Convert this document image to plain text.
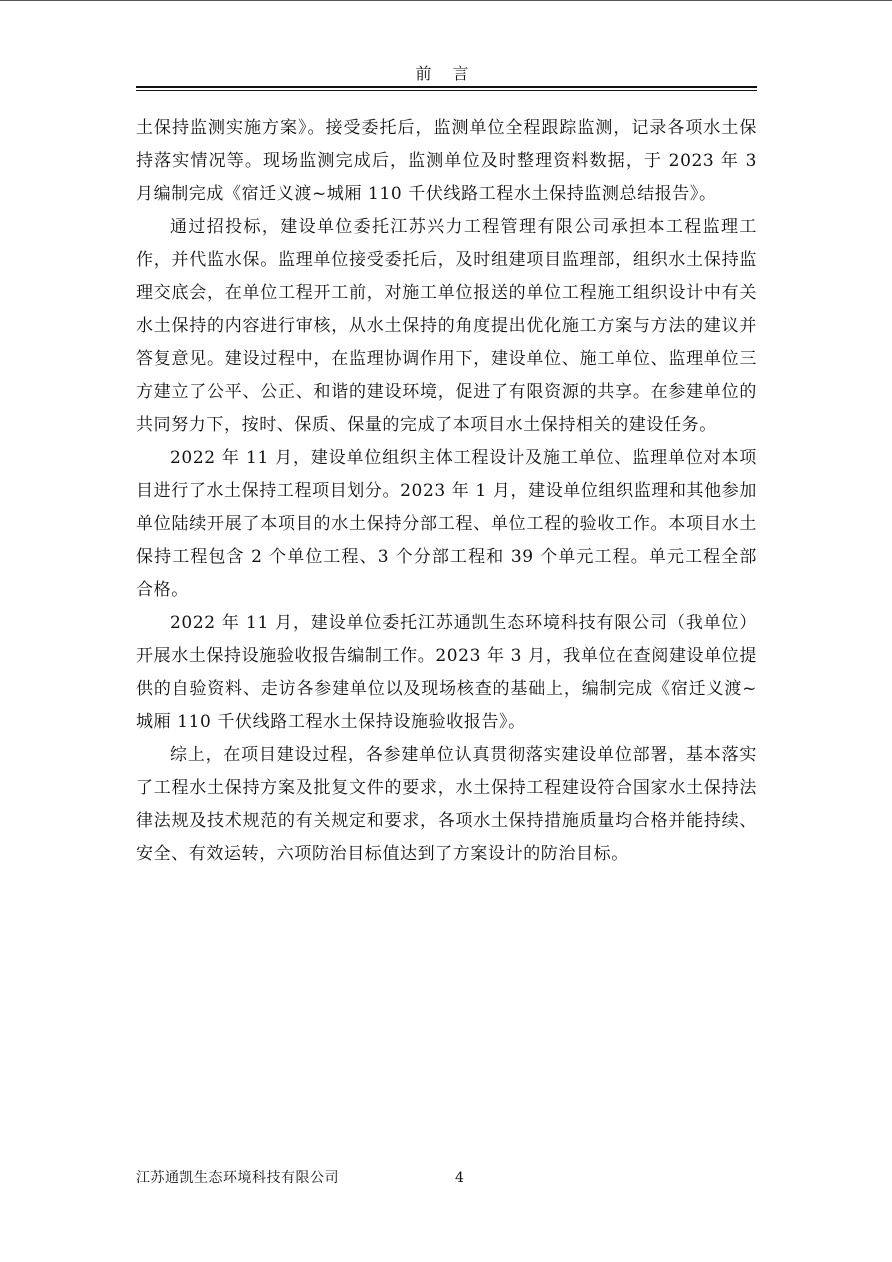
前 言

土保持监测实施方案》。接受委托后，监测单位全程跟踪监测，记录各项水土保持落实情况等。现场监测完成后，监测单位及时整理资料数据，于 2023 年 3 月编制完成《宿迁义渡~城厢 110 千伏线路工程水土保持监测总结报告》。

通过招投标，建设单位委托江苏兴力工程管理有限公司承担本工程监理工作，并代监水保。监理单位接受委托后，及时组建项目监理部，组织水土保持监理交底会，在单位工程开工前，对施工单位报送的单位工程施工组织设计中有关水土保持的内容进行审核，从水土保持的角度提出优化施工方案与方法的建议并答复意见。建设过程中，在监理协调作用下，建设单位、施工单位、监理单位三方建立了公平、公正、和谐的建设环境，促进了有限资源的共享。在参建单位的共同努力下，按时、保质、保量的完成了本项目水土保持相关的建设任务。

2022 年 11 月，建设单位组织主体工程设计及施工单位、监理单位对本项目进行了水土保持工程项目划分。2023 年 1 月，建设单位组织监理和其他参加单位陆续开展了本项目的水土保持分部工程、单位工程的验收工作。本项目水土保持工程包含 2 个单位工程、3 个分部工程和 39 个单元工程。单元工程全部合格。

2022 年 11 月，建设单位委托江苏通凯生态环境科技有限公司（我单位）开展水土保持设施验收报告编制工作。2023 年 3 月，我单位在查阅建设单位提供的自验资料、走访各参建单位以及现场核查的基础上，编制完成《宿迁义渡~城厢 110 千伏线路工程水土保持设施验收报告》。

综上，在项目建设过程，各参建单位认真贯彻落实建设单位部署，基本落实了工程水土保持方案及批复文件的要求，水土保持工程建设符合国家水土保持法律法规及技术规范的有关规定和要求，各项水土保持措施质量均合格并能持续、安全、有效运转，六项防治目标值达到了方案设计的防治目标。

江苏通凯生态环境科技有限公司	4
